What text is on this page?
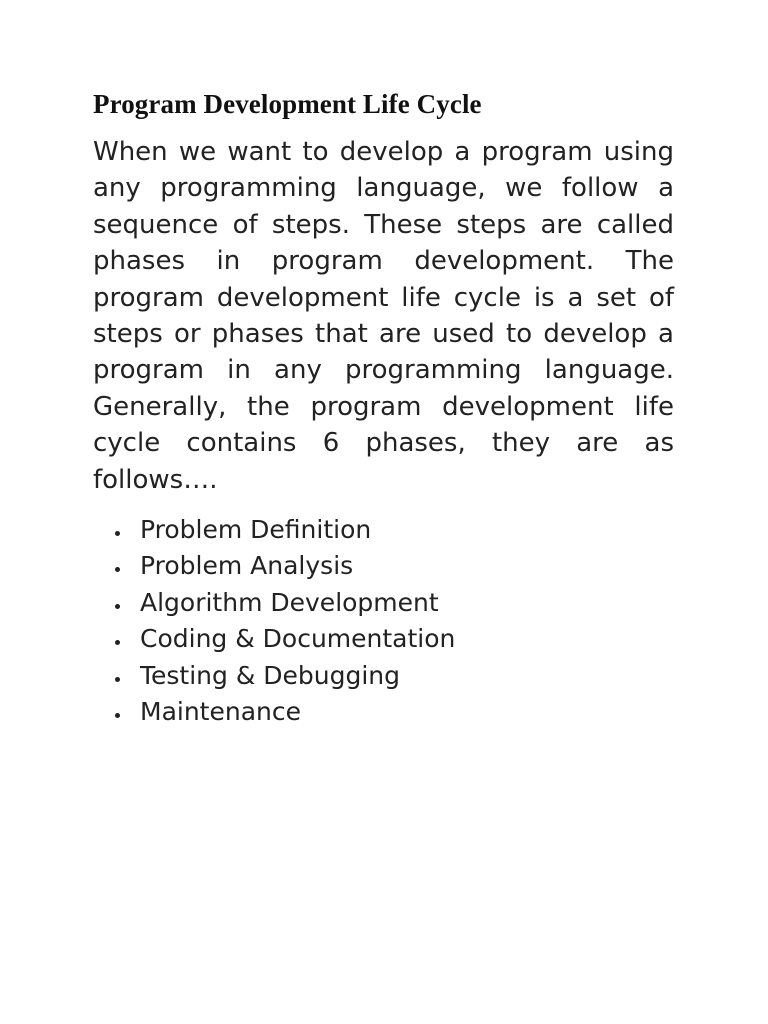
Program Development Life Cycle

When we want to develop a program using any programming language, we follow a sequence of steps. These steps are called phases in program development. The program development life cycle is a set of steps or phases that are used to develop a program in any programming language. Generally, the program development life cycle contains 6 phases, they are as follows….

Problem Definition
Problem Analysis
Algorithm Development
Coding & Documentation
Testing & Debugging
Maintenance
